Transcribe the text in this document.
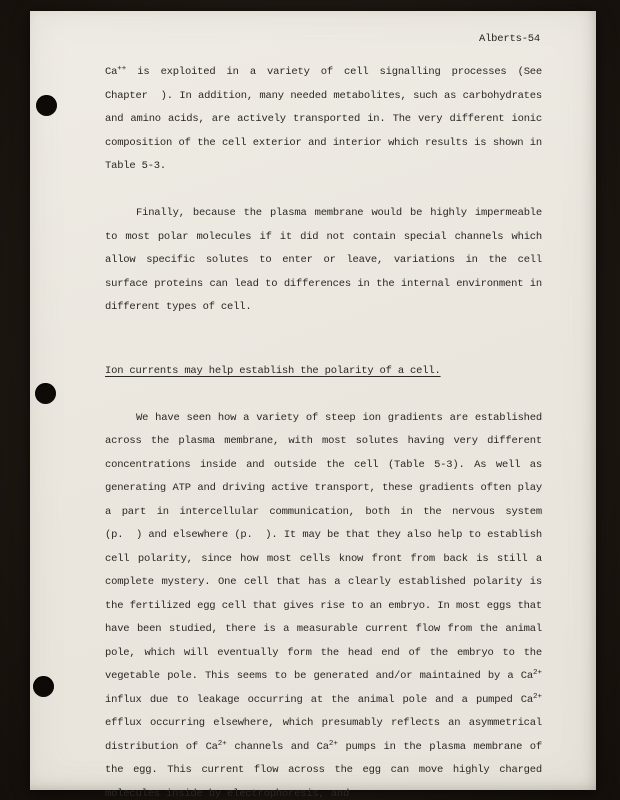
Alberts-54

Ca++ is exploited in a variety of cell signalling processes (See Chapter  ). In addition, many needed metabolites, such as carbohydrates and amino acids, are actively transported in. The very different ionic composition of the cell exterior and interior which results is shown in Table 5-3.

Finally, because the plasma membrane would be highly impermeable to most polar molecules if it did not contain special channels which allow specific solutes to enter or leave, variations in the cell surface proteins can lead to differences in the internal environment in different types of cell.

Ion currents may help establish the polarity of a cell.

We have seen how a variety of steep ion gradients are established across the plasma membrane, with most solutes having very different concentrations inside and outside the cell (Table 5-3). As well as generating ATP and driving active transport, these gradients often play a part in intercellular communication, both in the nervous system (p.  ) and elsewhere (p.  ). It may be that they also help to establish cell polarity, since how most cells know front from back is still a complete mystery. One cell that has a clearly established polarity is the fertilized egg cell that gives rise to an embryo. In most eggs that have been studied, there is a measurable current flow from the animal pole, which will eventually form the head end of the embryo to the vegetable pole. This seems to be generated and/or maintained by a $Ca^{2+}$ influx due to leakage occurring at the animal pole and a pumped $Ca^{2+}$ efflux occurring elsewhere, which presumably reflects an asymmetrical distribution of $Ca^{2+}$ channels and $Ca^{2+}$ pumps in the plasma membrane of the egg. This current flow across the egg can move highly charged molecules inside by electrophoresis, and
